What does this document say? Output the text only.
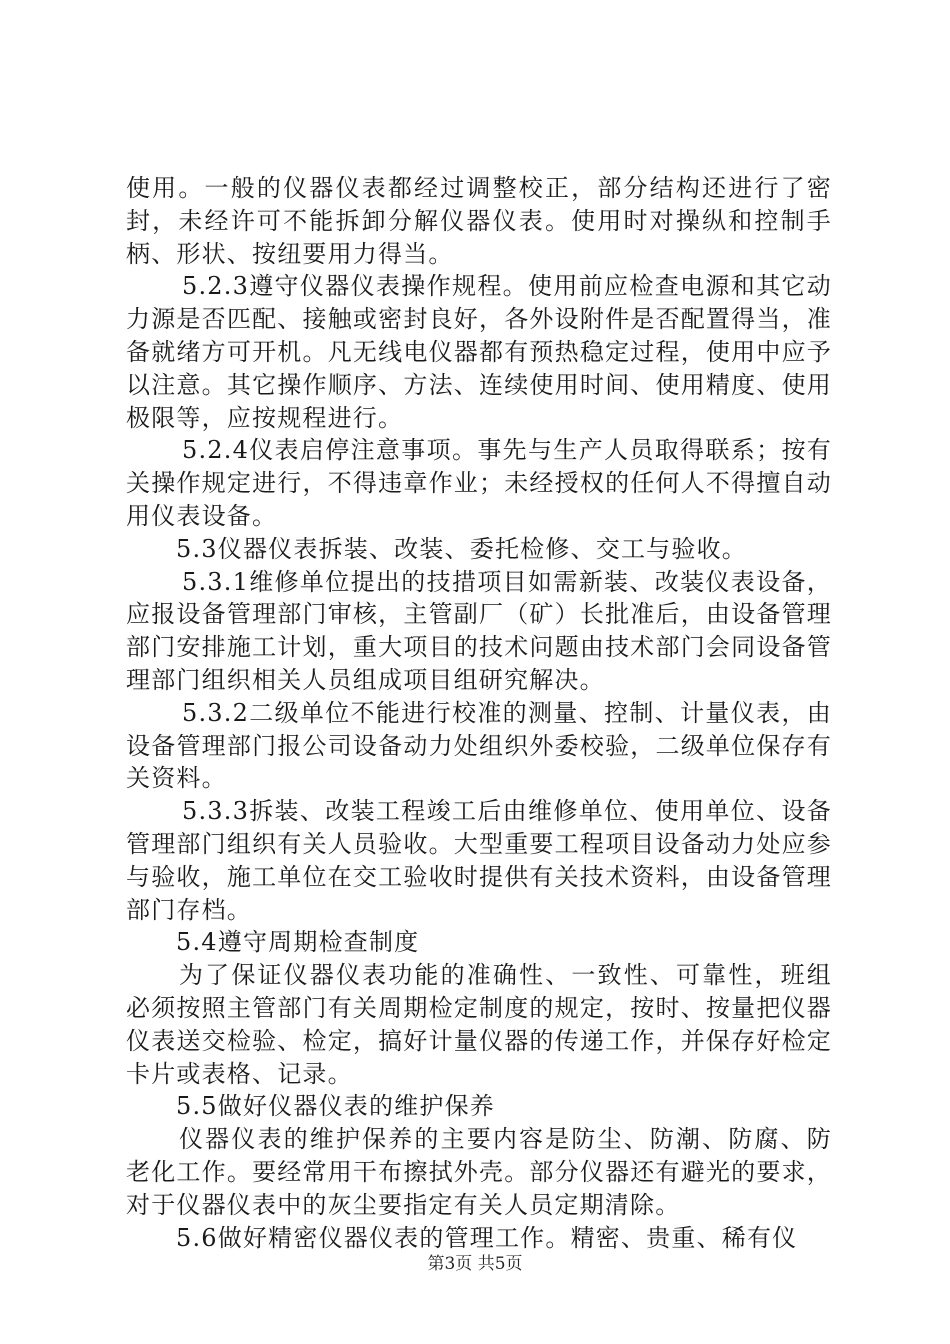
使用。一般的仪器仪表都经过调整校正，部分结构还进行了密封，未经许可不能拆卸分解仪器仪表。使用时对操纵和控制手柄、形状、按纽要用力得当。

5.2.3遵守仪器仪表操作规程。使用前应检查电源和其它动力源是否匹配、接触或密封良好，各外设附件是否配置得当，准备就绪方可开机。凡无线电仪器都有预热稳定过程，使用中应予以注意。其它操作顺序、方法、连续使用时间、使用精度、使用极限等，应按规程进行。

5.2.4仪表启停注意事项。事先与生产人员取得联系；按有关操作规定进行，不得违章作业；未经授权的任何人不得擅自动用仪表设备。

5.3仪器仪表拆装、改装、委托检修、交工与验收。

5.3.1维修单位提出的技措项目如需新装、改装仪表设备，应报设备管理部门审核，主管副厂（矿）长批准后，由设备管理部门安排施工计划，重大项目的技术问题由技术部门会同设备管理部门组织相关人员组成项目组研究解决。

5.3.2二级单位不能进行校准的测量、控制、计量仪表，由设备管理部门报公司设备动力处组织外委校验，二级单位保存有关资料。

5.3.3拆装、改装工程竣工后由维修单位、使用单位、设备管理部门组织有关人员验收。大型重要工程项目设备动力处应参与验收，施工单位在交工验收时提供有关技术资料，由设备管理部门存档。

5.4遵守周期检查制度

为了保证仪器仪表功能的准确性、一致性、可靠性，班组必须按照主管部门有关周期检定制度的规定，按时、按量把仪器仪表送交检验、检定，搞好计量仪器的传递工作，并保存好检定卡片或表格、记录。

5.5做好仪器仪表的维护保养

仪器仪表的维护保养的主要内容是防尘、防潮、防腐、防老化工作。要经常用干布擦拭外壳。部分仪器还有避光的要求，对于仪器仪表中的灰尘要指定有关人员定期清除。

5.6做好精密仪器仪表的管理工作。精密、贵重、稀有仪

第3页 共5页
